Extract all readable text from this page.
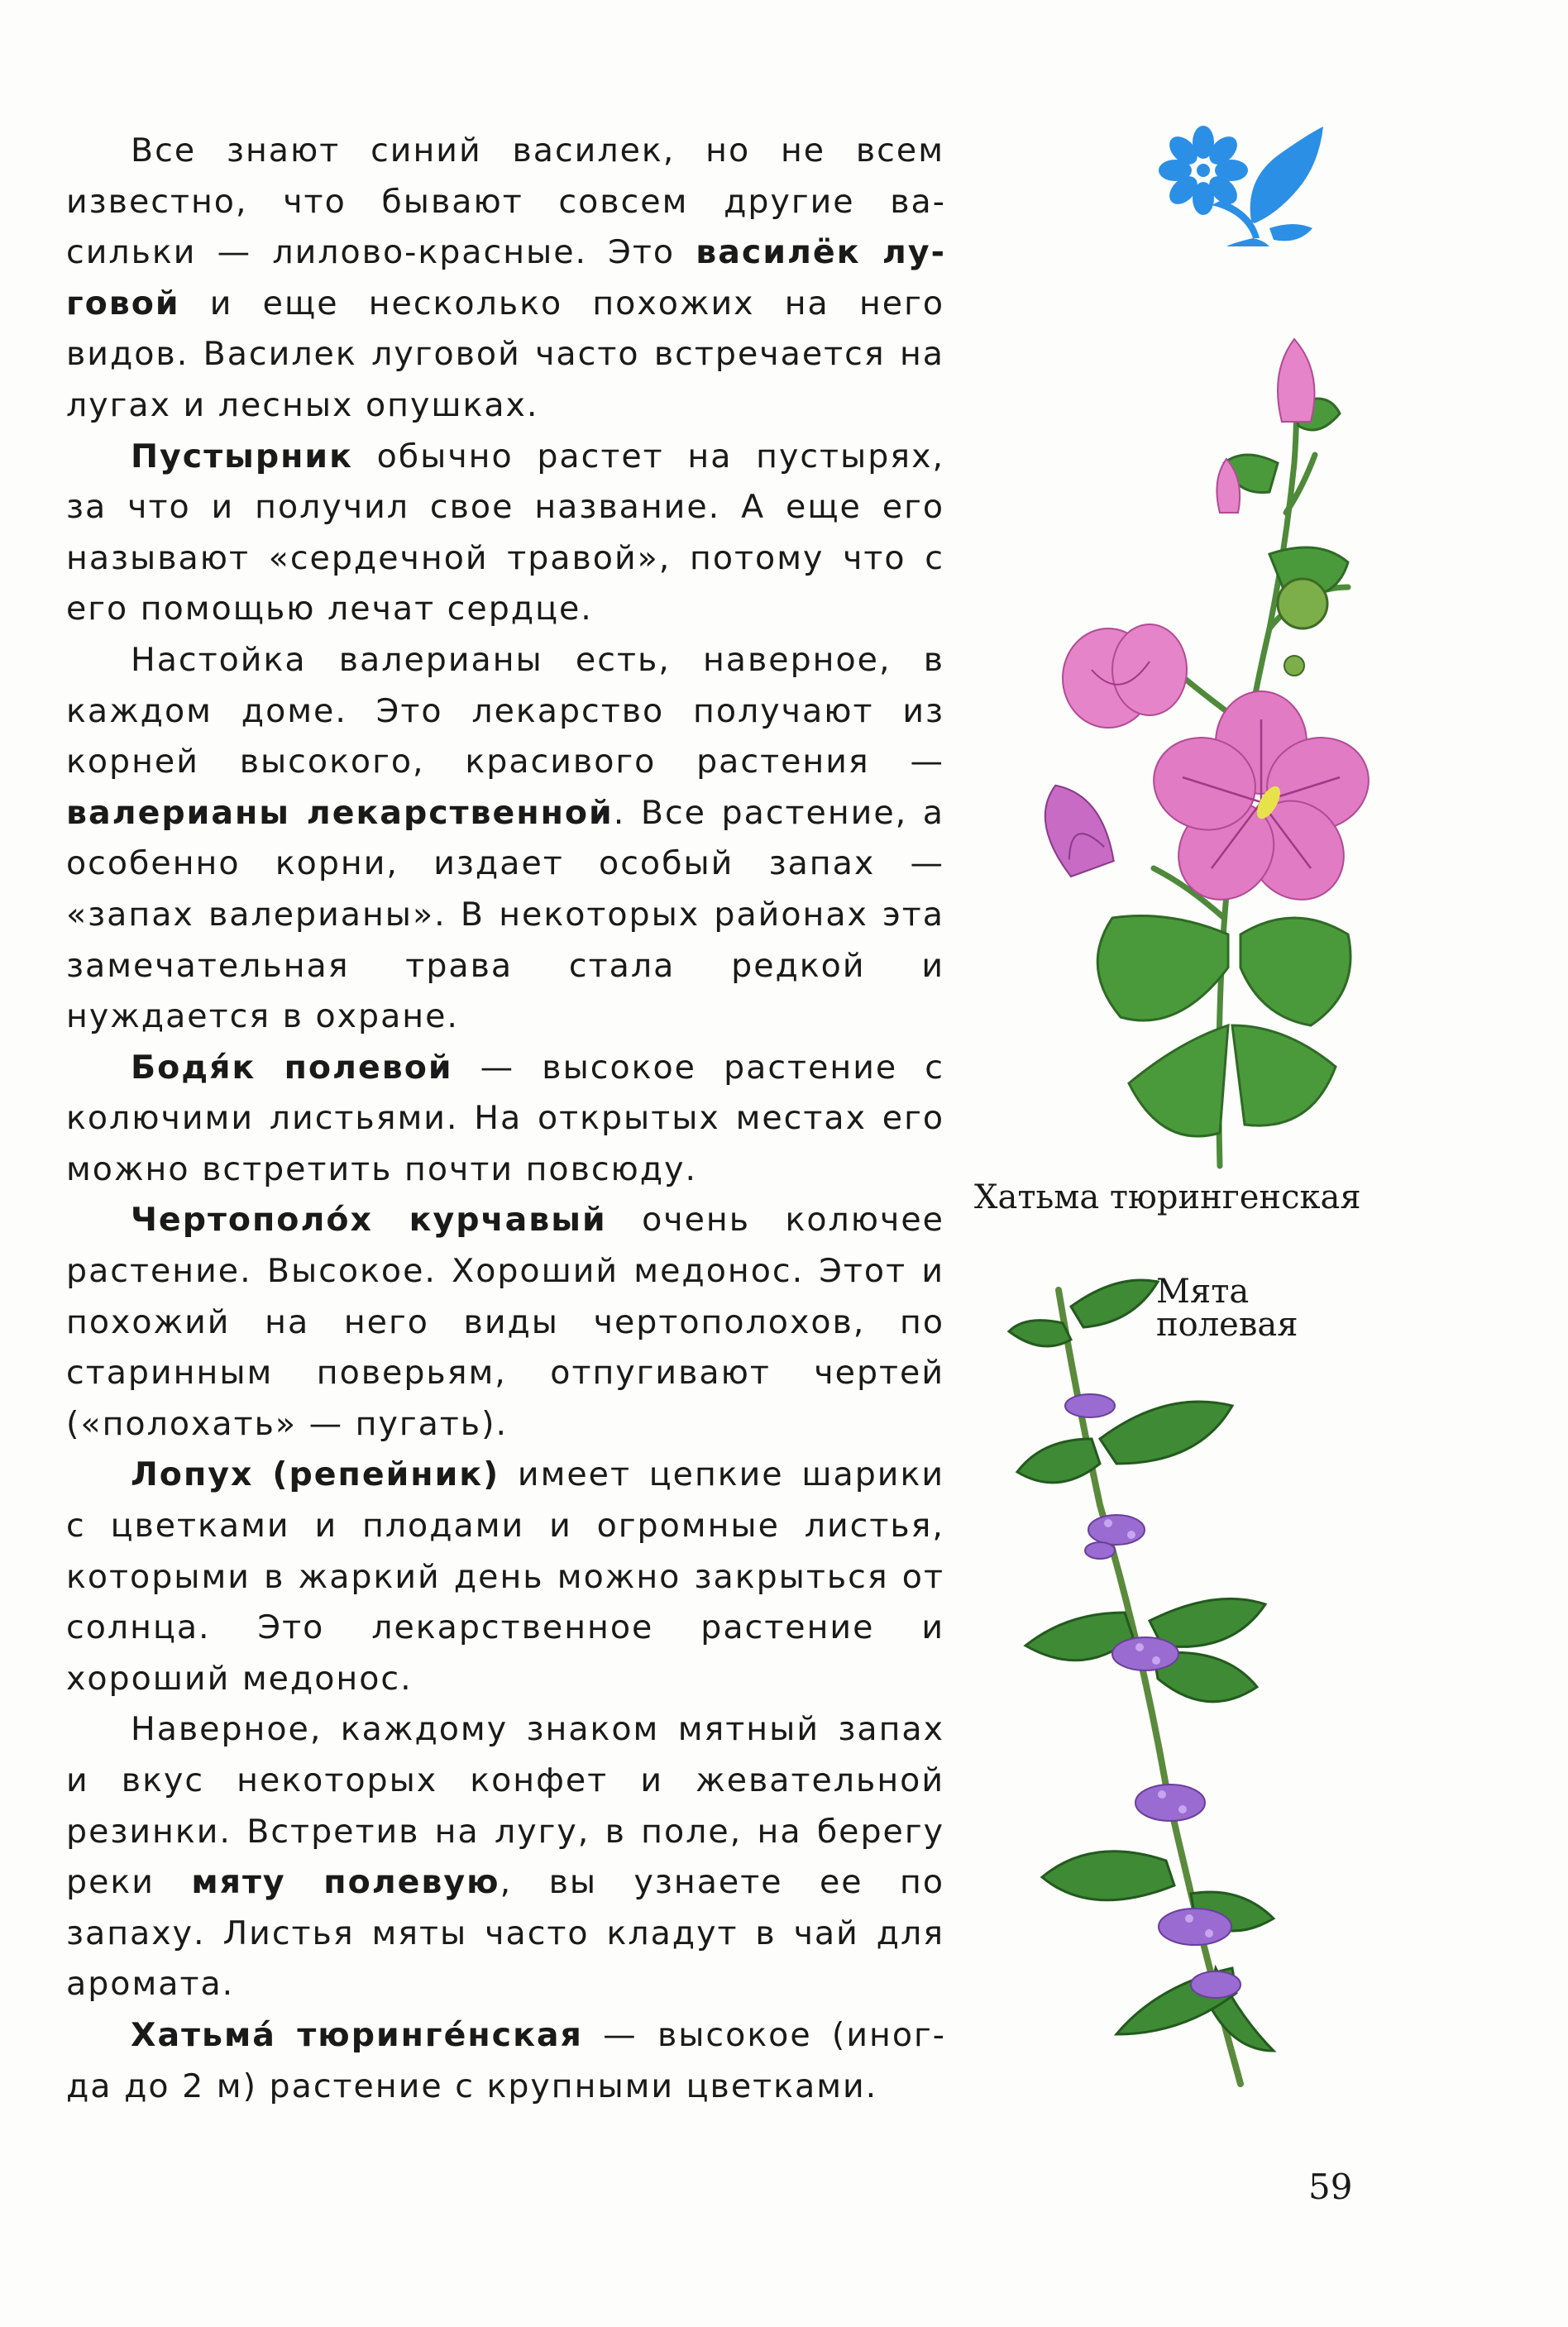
Все знают синий василек, но не всем известно, что бывают совсем другие васильки — лилово-красные. Это василёк луговой и еще несколько похожих на него видов. Василек луговой часто встречается на лугах и лесных опушках.

Пустырник обычно растет на пустырях, за что и получил свое название. А еще его называют «сердечной травой», потому что с его помощью лечат сердце.

Настойка валерианы есть, наверное, в каждом доме. Это лекарство получают из корней высокого, красивого растения — валерианы лекарственной. Все растение, а особенно корни, издает особый запах — «запах валерианы». В некоторых районах эта замечательная трава стала редкой и нуждается в охране.

Бодя́к полевой — высокое растение с колючими листьями. На открытых местах его можно встретить почти повсюду.

Чертополо́х курчавый очень колючее растение. Высокое. Хороший медонос. Этот и похожий на него виды чертополохов, по старинным поверьям, отпугивают чертей («полохать» — пугать).

Лопух (репейник) имеет цепкие шарики с цветками и плодами и огромные листья, которыми в жаркий день можно закрыться от солнца. Это лекарственное растение и хороший медонос.

Наверное, каждому знаком мятный запах и вкус некоторых конфет и жевательной резинки. Встретив на лугу, в поле, на берегу реки мяту полевую, вы узнаете ее по запаху. Листья мяты часто кладут в чай для аромата.

Хатьма́ тюринге́нская — высокое (иногда до 2 м) растение с крупными цветками.

Хатьма тюрингенская
Мята
полевая
59
